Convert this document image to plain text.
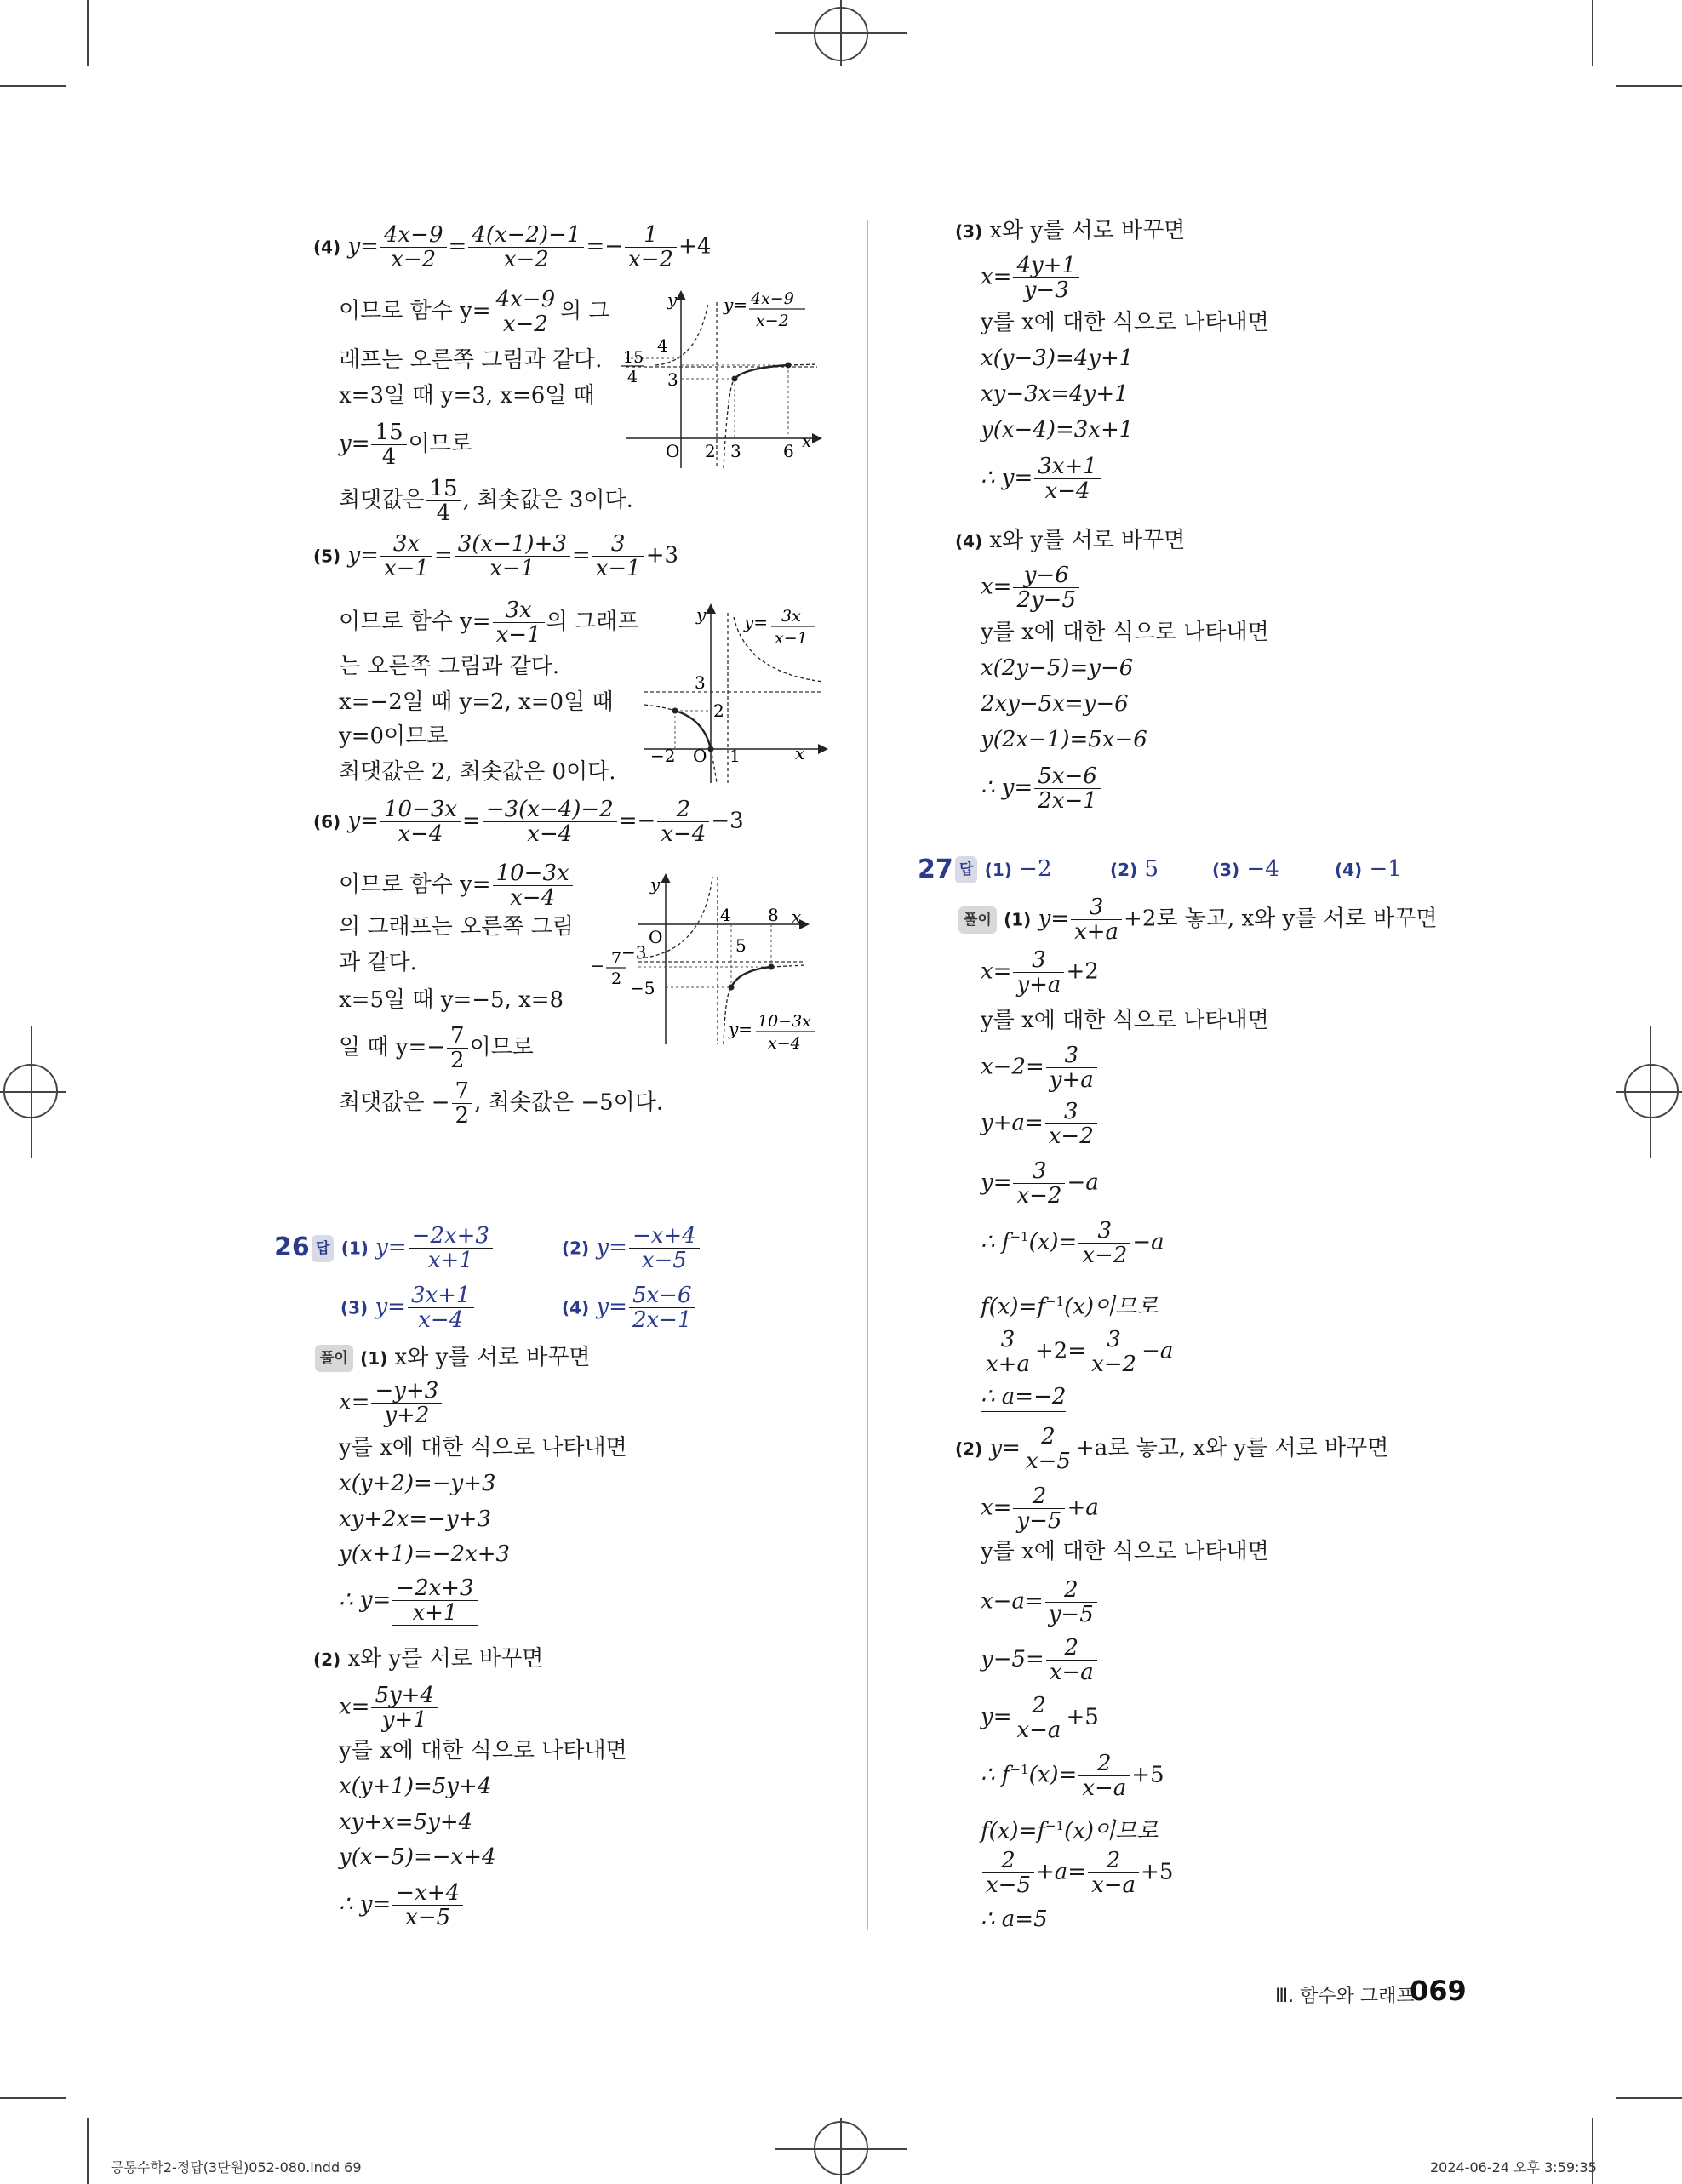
(4) $y= \frac{4x-9}{x-2} = \frac{4(x-2)-1}{x-2} =- \frac{1}{x-2} +4$
이므로 함수 $y= \frac{4x-9}{x-2}$ 의 그
래프는 오른쪽 그림과 같다.
x=3일 때 y=3, x=6일 때
$y= \frac{15}{4}$ 이므로
최댓값은 $\frac{15}{4}$ , 최솟값은 3이다.
y
x
O 2 3 6
4
3
15
4
y= 4x−9
x−2
(5) $y= \frac{3x}{x-1} = \frac{3(x-1)+3}{x-1} = \frac{3}{x-1} +3$
이므로 함수 $y= \frac{3x}{x-1}$ 의 그래프
는 오른쪽 그림과 같다.
x=−2일 때 y=2, x=0일 때
y=0이므로
최댓값은 2, 최솟값은 0이다.
y
x
O
−2	1
3
2
y= 3x
x−1
(6) $y= \frac{10-3x}{x-4} = \frac{-3(x-4)-2}{x-4} =- \frac{2}{x-4} -3$
이므로 함수 $y= \frac{10-3x}{x-4}$
의 그래프는 오른쪽 그림
과 같다.
x=5일 때 y=−5, x=8
일 때 $y=- \frac{7}{2}$ 이므로
최댓값은 − $\frac{7}{2}$ , 최솟값은 −5이다.
y
x
O
4
5
8
−3
−5
− 7
2
y= 10−3x
x−4
26 답 (1) $y= \frac{-2x+3}{x+1}$	(2) $y= \frac{-x+4}{x-5}$
(3) $y= \frac{3x+1}{x-4}$	(4) $y= \frac{5x-6}{2x-1}$
풀이 (1) x와 y를 서로 바꾸면
$x= \frac{-y+3}{y+2}$
y를 x에 대한 식으로 나타내면
x(y+2)=−y+3
xy+2x=−y+3
y(x+1)=−2x+3
∴ $y= \frac{-2x+3}{x+1}$
(2) x와 y를 서로 바꾸면
$x= \frac{5y+4}{y+1}$
y를 x에 대한 식으로 나타내면
x(y+1)=5y+4
xy+x=5y+4
y(x−5)=−x+4
∴ $y= \frac{-x+4}{x-5}$
(3) x와 y를 서로 바꾸면
$x= \frac{4y+1}{y-3}$
y를 x에 대한 식으로 나타내면
x(y−3)=4y+1
xy−3x=4y+1
y(x−4)=3x+1
∴ $y= \frac{3x+1}{x-4}$
(4) x와 y를 서로 바꾸면
$x= \frac{y-6}{2y-5}$
y를 x에 대한 식으로 나타내면
x(2y−5)=y−6
2xy−5x=y−6
y(2x−1)=5x−6
∴ $y= \frac{5x-6}{2x-1}$
27 답 (1) −2	(2) 5	(3) −4	(4) −1
풀이 (1) $y= \frac{3}{x+a} +2$로 놓고, x와 y를 서로 바꾸면
$x= \frac{3}{y+a} +2$
y를 x에 대한 식으로 나타내면
$x-2= \frac{3}{y+a}$
$y+a= \frac{3}{x-2}$
$y= \frac{3}{x-2} -a$
∴ $f^{-1}(x)= \frac{3}{x-2} -a$
$f(x)=f^{-1}(x)$이므로
$\frac{3}{x+a} +2= \frac{3}{x-2} -a$
∴ a=−2
(2) $y= \frac{2}{x-5} +a$로 놓고, x와 y를 서로 바꾸면
$x= \frac{2}{y-5} +a$
y를 x에 대한 식으로 나타내면
$x-a= \frac{2}{y-5}$
$y-5= \frac{2}{x-a}$
$y= \frac{2}{x-a} +5$
∴ $f^{-1}(x)= \frac{2}{x-a} +5$
$f(x)=f^{-1}(x)$이므로
$\frac{2}{x-5} +a= \frac{2}{x-a} +5$
∴ a=5
Ⅲ. 함수와 그래프
069
공통수학2-정답(3단원)052-080.indd 69	2024-06-24 오후 3:59:35
